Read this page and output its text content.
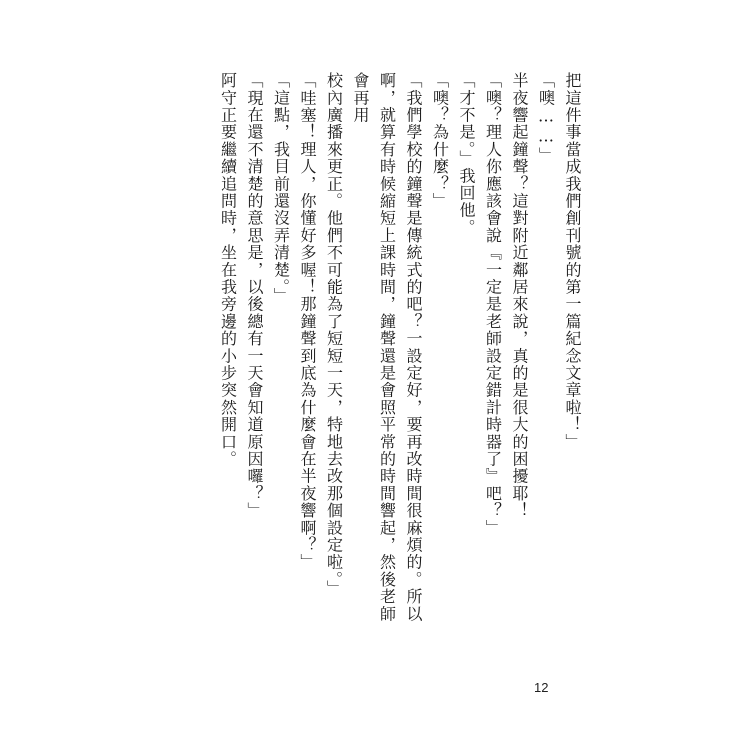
把這件事當成我們創刊號的第一篇紀念文章啦！」

「噢……」

半夜響起鐘聲？這對附近鄰居來說，真的是很大的困擾耶！

「噢？理人你應該會說『一定是老師設定錯計時器了』吧？」

「才不是。」我回他。

「噢？為什麼？」

「我們學校的鐘聲是傳統式的吧？一設定好，要再改時間很麻煩的。所以

啊，就算有時候縮短上課時間，鐘聲還是會照平常的時間響起，然後老師會再用

校內廣播來更正。他們不可能為了短短一天，特地去改那個設定啦。」

「哇塞！理人，你懂好多喔！那鐘聲到底為什麼會在半夜響啊？」

「這點，我目前還沒弄清楚。」

「現在還不清楚的意思是，以後總有一天會知道原因囉？」

阿守正要繼續追問時，坐在我旁邊的小步突然開口。

12
